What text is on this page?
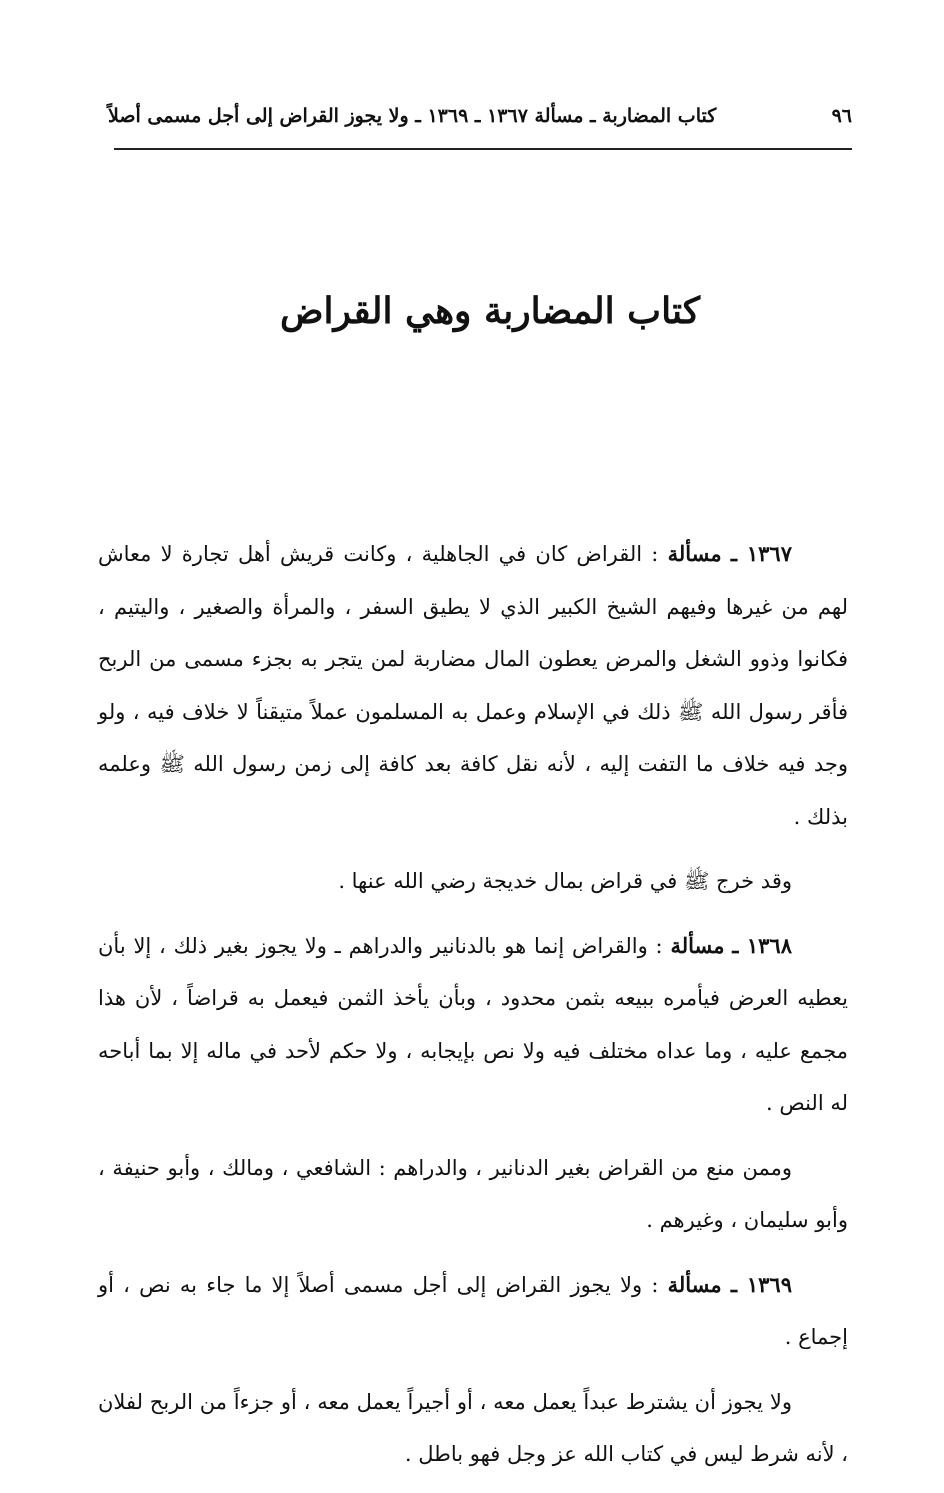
٩٦
كتاب المضاربة ـ مسألة ١٣٦٧ ـ ١٣٦٩ ـ ولا يجوز القراض إلى أجل مسمى أصلاً
كتاب المضاربة وهي القراض

١٣٦٧ ـ مسألة : القراض كان في الجاهلية ، وكانت قريش أهل تجارة لا معاش لهم من غيرها وفيهم الشيخ الكبير الذي لا يطيق السفر ، والمرأة والصغير ، واليتيم ، فكانوا وذوو الشغل والمرض يعطون المال مضاربة لمن يتجر به بجزء مسمى من الربح فأقر رسول الله ﷺ ذلك في الإسلام وعمل به المسلمون عملاً متيقناً لا خلاف فيه ، ولو وجد فيه خلاف ما التفت إليه ، لأنه نقل كافة بعد كافة إلى زمن رسول الله ﷺ وعلمه بذلك .

وقد خرج ﷺ في قراض بمال خديجة رضي الله عنها .

١٣٦٨ ـ مسألة : والقراض إنما هو بالدنانير والدراهم ـ ولا يجوز بغير ذلك ، إلا بأن يعطيه العرض فيأمره ببيعه بثمن محدود ، وبأن يأخذ الثمن فيعمل به قراضاً ، لأن هذا مجمع عليه ، وما عداه مختلف فيه ولا نص بإيجابه ، ولا حكم لأحد في ماله إلا بما أباحه له النص .

وممن منع من القراض بغير الدنانير ، والدراهم : الشافعي ، ومالك ، وأبو حنيفة ، وأبو سليمان ، وغيرهم .

١٣٦٩ ـ مسألة : ولا يجوز القراض إلى أجل مسمى أصلاً إلا ما جاء به نص ، أو إجماع .

ولا يجوز أن يشترط عبداً يعمل معه ، أو أجيراً يعمل معه ، أو جزءاً من الربح لفلان ، لأنه شرط ليس في كتاب الله عز وجل فهو باطل .
